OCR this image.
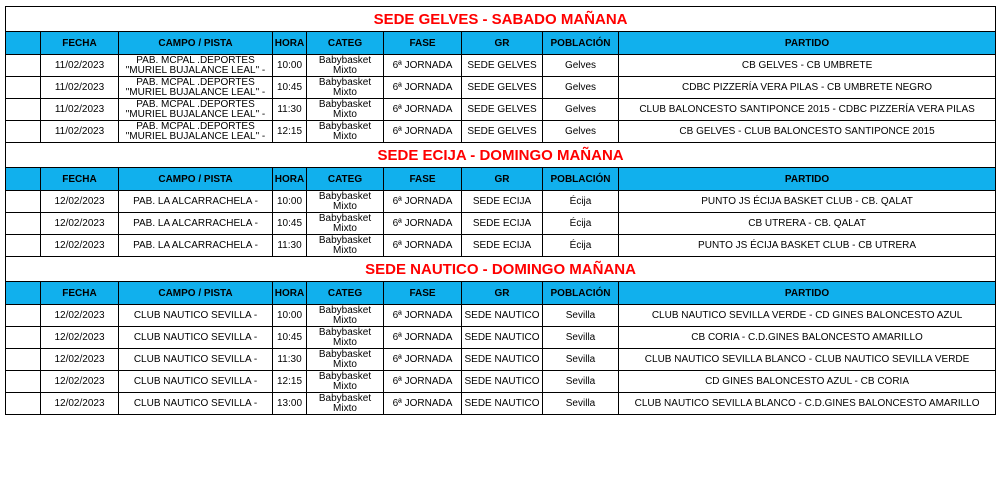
SEDE GELVES - SABADO MAÑANA								
	FECHA	CAMPO / PISTA	HORA	CATEG	FASE	GR	POBLACIÓN	PARTIDO
	11/02/2023	PAB. MCPAL .DEPORTES "MURIEL BUJALANCE LEAL" -	10:00	Babybasket Mixto	6ª JORNADA	SEDE GELVES	Gelves	CB GELVES - CB UMBRETE
	11/02/2023	PAB. MCPAL .DEPORTES "MURIEL BUJALANCE LEAL" -	10:45	Babybasket Mixto	6ª JORNADA	SEDE GELVES	Gelves	CDBC PIZZERÍA VERA PILAS - CB UMBRETE NEGRO
	11/02/2023	PAB. MCPAL .DEPORTES "MURIEL BUJALANCE LEAL" -	11:30	Babybasket Mixto	6ª JORNADA	SEDE GELVES	Gelves	CLUB BALONCESTO SANTIPONCE 2015 - CDBC PIZZERÍA VERA PILAS
	11/02/2023	PAB. MCPAL .DEPORTES "MURIEL BUJALANCE LEAL" -	12:15	Babybasket Mixto	6ª JORNADA	SEDE GELVES	Gelves	CB GELVES - CLUB BALONCESTO SANTIPONCE 2015
SEDE ECIJA - DOMINGO MAÑANA								
	FECHA	CAMPO / PISTA	HORA	CATEG	FASE	GR	POBLACIÓN	PARTIDO
	12/02/2023	PAB. LA ALCARRACHELA -	10:00	Babybasket Mixto	6ª JORNADA	SEDE ECIJA	Écija	PUNTO JS ÉCIJA BASKET CLUB - CB. QALAT
	12/02/2023	PAB. LA ALCARRACHELA -	10:45	Babybasket Mixto	6ª JORNADA	SEDE ECIJA	Écija	CB UTRERA - CB. QALAT
	12/02/2023	PAB. LA ALCARRACHELA -	11:30	Babybasket Mixto	6ª JORNADA	SEDE ECIJA	Écija	PUNTO JS ÉCIJA BASKET CLUB - CB UTRERA
SEDE NAUTICO - DOMINGO MAÑANA								
	FECHA	CAMPO / PISTA	HORA	CATEG	FASE	GR	POBLACIÓN	PARTIDO
	12/02/2023	CLUB NAUTICO SEVILLA -	10:00	Babybasket Mixto	6ª JORNADA	SEDE NAUTICO	Sevilla	CLUB NAUTICO SEVILLA VERDE - CD GINES BALONCESTO AZUL
	12/02/2023	CLUB NAUTICO SEVILLA -	10:45	Babybasket Mixto	6ª JORNADA	SEDE NAUTICO	Sevilla	CB CORIA - C.D.GINES BALONCESTO AMARILLO
	12/02/2023	CLUB NAUTICO SEVILLA -	11:30	Babybasket Mixto	6ª JORNADA	SEDE NAUTICO	Sevilla	CLUB NAUTICO SEVILLA BLANCO - CLUB NAUTICO SEVILLA VERDE
	12/02/2023	CLUB NAUTICO SEVILLA -	12:15	Babybasket Mixto	6ª JORNADA	SEDE NAUTICO	Sevilla	CD GINES BALONCESTO AZUL - CB CORIA
	12/02/2023	CLUB NAUTICO SEVILLA -	13:00	Babybasket Mixto	6ª JORNADA	SEDE NAUTICO	Sevilla	CLUB NAUTICO SEVILLA BLANCO - C.D.GINES BALONCESTO AMARILLO
